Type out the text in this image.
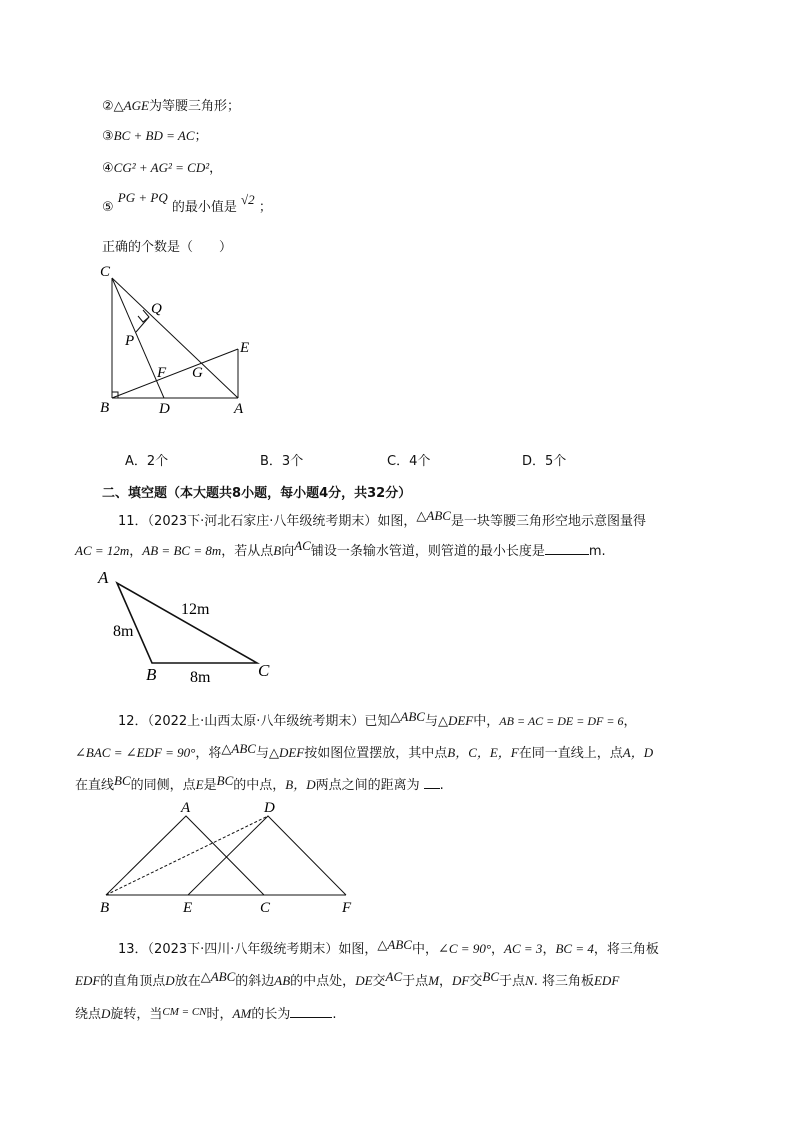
②△AGE为等腰三角形；
③BC + BD = AC；
④CG² + AG² = CD²，
⑤ PG + PQ 的最小值是 √2 ；
正确的个数是（　　）
C
Q
P	E
F G
B	D	A
A．2个	B．3个	C．4个	D．5个
二、填空题（本大题共8小题，每小题4分，共32分）
11．（2023下·河北石家庄·八年级统考期末）如图，△ABC是一块等腰三角形空地示意图量得
AC = 12m，AB = BC = 8m，若从点B向AC铺设一条输水管道，则管道的最小长度是	m.
A
B	C
12m
8m
8m
12．（2022上·山西太原·八年级统考期末）已知△ABC与△DEF中，AB = AC = DE = DF = 6，
∠BAC = ∠EDF = 90°，将△ABC与△DEF按如图位置摆放，其中点B，C，E，F在同一直线上，点A，D
在直线BC的同侧，点E是BC的中点，B，D两点之间的距离为 .
A	D
B	E	C	F
13．（2023下·四川·八年级统考期末）如图，△ABC中，∠C = 90°，AC = 3，BC = 4，将三角板
EDF的直角顶点D放在△ABC的斜边AB的中点处，DE交AC于点M，DF交BC于点N. 将三角板EDF
绕点D旋转，当$^{CM = CN}$时，AM的长为	.
